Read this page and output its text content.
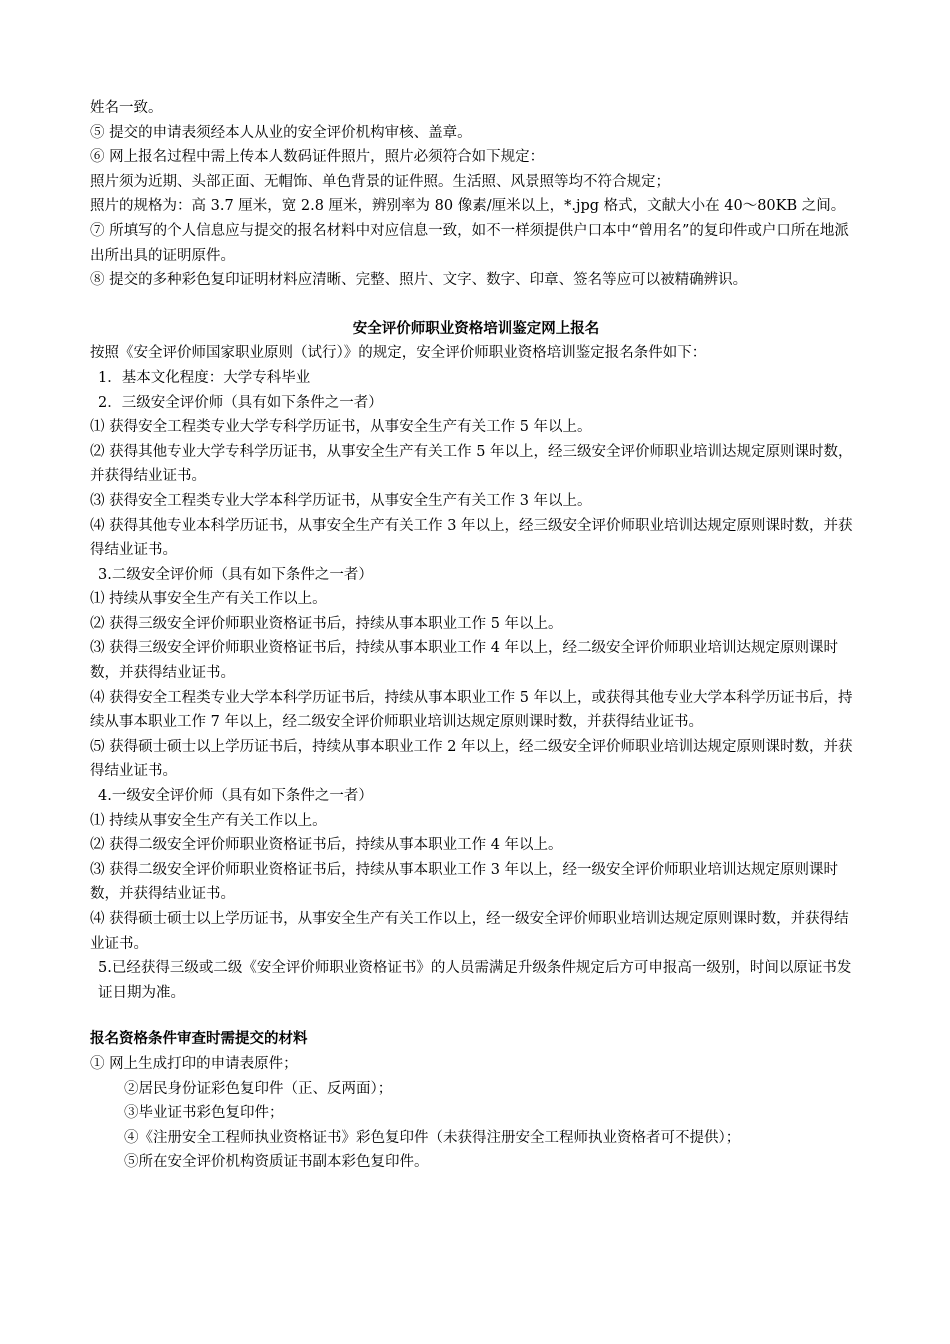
姓名一致。

⑤ 提交的申请表须经本人从业的安全评价机构审核、盖章。

⑥ 网上报名过程中需上传本人数码证件照片，照片必须符合如下规定：

照片须为近期、头部正面、无帽饰、单色背景的证件照。生活照、风景照等均不符合规定；

照片的规格为：高 3.7 厘米，宽 2.8 厘米，辨别率为 80 像素/厘米以上，*.jpg 格式，文献大小在 40～80KB 之间。

⑦ 所填写的个人信息应与提交的报名材料中对应信息一致，如不一样须提供户口本中“曾用名”的复印件或户口所在地派出所出具的证明原件。

⑧ 提交的多种彩色复印证明材料应清晰、完整、照片、文字、数字、印章、签名等应可以被精确辨识。

安全评价师职业资格培训鉴定网上报名

按照《安全评价师国家职业原则（试行）》的规定，安全评价师职业资格培训鉴定报名条件如下：

1．基本文化程度：大学专科毕业

2．三级安全评价师（具有如下条件之一者）

⑴ 获得安全工程类专业大学专科学历证书，从事安全生产有关工作 5 年以上。

⑵ 获得其他专业大学专科学历证书，从事安全生产有关工作 5 年以上，经三级安全评价师职业培训达规定原则课时数，并获得结业证书。

⑶ 获得安全工程类专业大学本科学历证书，从事安全生产有关工作 3 年以上。

⑷ 获得其他专业本科学历证书，从事安全生产有关工作 3 年以上，经三级安全评价师职业培训达规定原则课时数，并获得结业证书。

3.二级安全评价师（具有如下条件之一者）

⑴ 持续从事安全生产有关工作以上。

⑵ 获得三级安全评价师职业资格证书后，持续从事本职业工作 5 年以上。

⑶ 获得三级安全评价师职业资格证书后，持续从事本职业工作 4 年以上，经二级安全评价师职业培训达规定原则课时数，并获得结业证书。

⑷ 获得安全工程类专业大学本科学历证书后，持续从事本职业工作 5 年以上，或获得其他专业大学本科学历证书后，持续从事本职业工作 7 年以上，经二级安全评价师职业培训达规定原则课时数，并获得结业证书。

⑸ 获得硕士硕士以上学历证书后，持续从事本职业工作 2 年以上，经二级安全评价师职业培训达规定原则课时数，并获得结业证书。

4.一级安全评价师（具有如下条件之一者）

⑴ 持续从事安全生产有关工作以上。

⑵ 获得二级安全评价师职业资格证书后，持续从事本职业工作 4 年以上。

⑶ 获得二级安全评价师职业资格证书后，持续从事本职业工作 3 年以上，经一级安全评价师职业培训达规定原则课时数，并获得结业证书。

⑷ 获得硕士硕士以上学历证书，从事安全生产有关工作以上，经一级安全评价师职业培训达规定原则课时数，并获得结业证书。

5.已经获得三级或二级《安全评价师职业资格证书》的人员需满足升级条件规定后方可申报高一级别，时间以原证书发证日期为准。

报名资格条件审查时需提交的材料

① 网上生成打印的申请表原件；

②居民身份证彩色复印件（正、反两面）；

③毕业证书彩色复印件；

④《注册安全工程师执业资格证书》彩色复印件（未获得注册安全工程师执业资格者可不提供）；

⑤所在安全评价机构资质证书副本彩色复印件。
